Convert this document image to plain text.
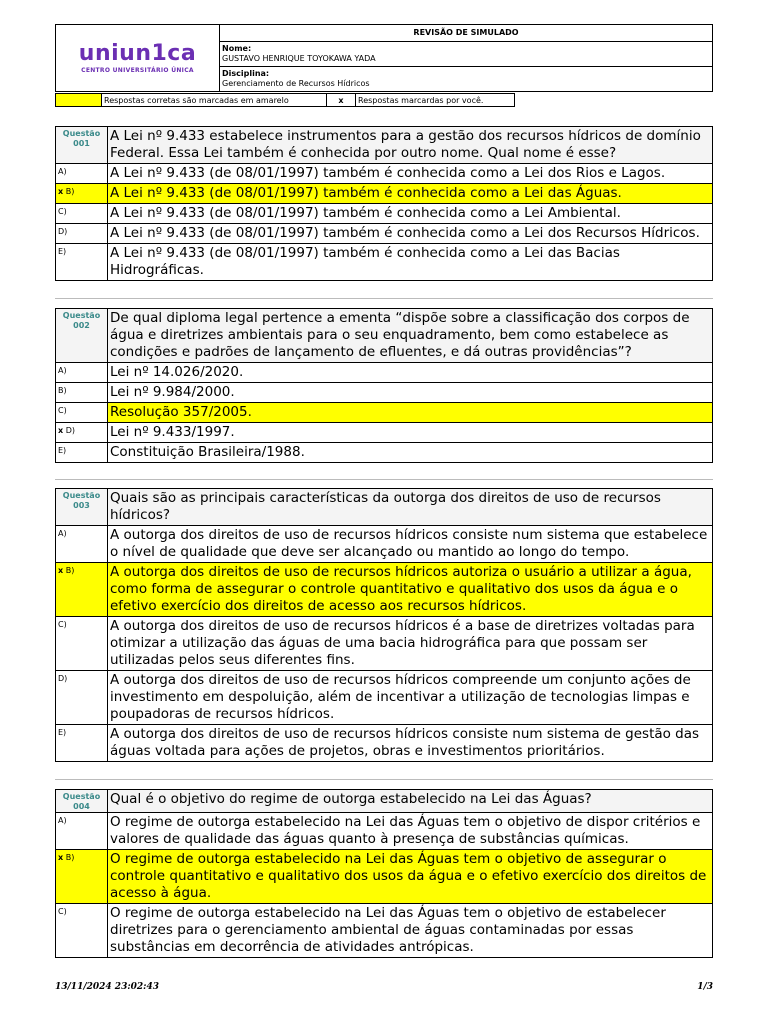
uniun1ca
CENTRO UNIVERSITÁRIO ÚNICA
REVISÃO DE SIMULADO
Nome:
GUSTAVO HENRIQUE TOYOKAWA YADA
Disciplina:
Gerenciamento de Recursos Hídricos
Respostas corretas são marcadas em amarelo	x	Respostas marcardas por você.
Questão
001	A Lei nº 9.433 estabelece instrumentos para a gestão dos recursos hídricos de domínio Federal. Essa Lei também é conhecida por outro nome. Qual nome é esse?
A)	A Lei nº 9.433 (de 08/01/1997) também é conhecida como a Lei dos Rios e Lagos.
x B)	A Lei nº 9.433 (de 08/01/1997) também é conhecida como a Lei das Águas.
C)	A Lei nº 9.433 (de 08/01/1997) também é conhecida como a Lei Ambiental.
D)	A Lei nº 9.433 (de 08/01/1997) também é conhecida como a Lei dos Recursos Hídricos.
E)	A Lei nº 9.433 (de 08/01/1997) também é conhecida como a Lei das Bacias Hidrográficas.
Questão
002	De qual diploma legal pertence a ementa “dispõe sobre a classificação dos corpos de água e diretrizes ambientais para o seu enquadramento, bem como estabelece as condições e padrões de lançamento de efluentes, e dá outras providências”?
A)	Lei nº 14.026/2020.
B)	Lei nº 9.984/2000.
C)	Resolução 357/2005.
x D)	Lei nº 9.433/1997.
E)	Constituição Brasileira/1988.
Questão
003	Quais são as principais características da outorga dos direitos de uso de recursos hídricos?
A)	A outorga dos direitos de uso de recursos hídricos consiste num sistema que estabelece o nível de qualidade que deve ser alcançado ou mantido ao longo do tempo.
x B)	A outorga dos direitos de uso de recursos hídricos autoriza o usuário a utilizar a água, como forma de assegurar o controle quantitativo e qualitativo dos usos da água e o efetivo exercício dos direitos de acesso aos recursos hídricos.
C)	A outorga dos direitos de uso de recursos hídricos é a base de diretrizes voltadas para otimizar a utilização das águas de uma bacia hidrográfica para que possam ser utilizadas pelos seus diferentes fins.
D)	A outorga dos direitos de uso de recursos hídricos compreende um conjunto ações de investimento em despoluição, além de incentivar a utilização de tecnologias limpas e poupadoras de recursos hídricos.
E)	A outorga dos direitos de uso de recursos hídricos consiste num sistema de gestão das águas voltada para ações de projetos, obras e investimentos prioritários.
Questão
004	Qual é o objetivo do regime de outorga estabelecido na Lei das Águas?
A)	O regime de outorga estabelecido na Lei das Águas tem o objetivo de dispor critérios e valores de qualidade das águas quanto à presença de substâncias químicas.
x B)	O regime de outorga estabelecido na Lei das Águas tem o objetivo de assegurar o controle quantitativo e qualitativo dos usos da água e o efetivo exercício dos direitos de acesso à água.
C)	O regime de outorga estabelecido na Lei das Águas tem o objetivo de estabelecer diretrizes para o gerenciamento ambiental de águas contaminadas por essas substâncias em decorrência de atividades antrópicas.
13/11/2024 23:02:43	1/3
